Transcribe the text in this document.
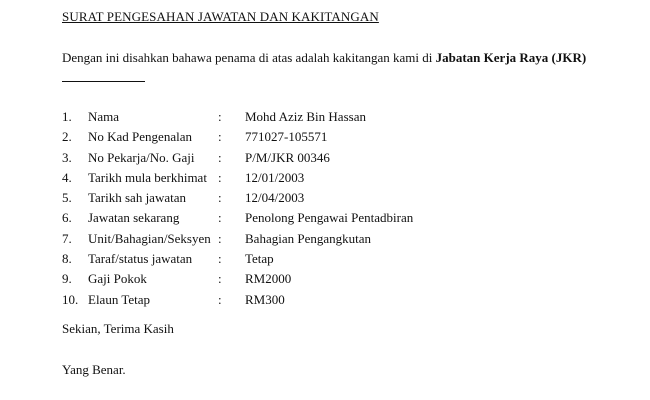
SURAT PENGESAHAN JAWATAN DAN KAKITANGAN
Dengan ini disahkan bahawa penama di atas adalah kakitangan kami di Jabatan Kerja Raya (JKR)
1. Nama	: Mohd Aziz Bin Hassan
2. No Kad Pengenalan : 771027-105571
3. No Pekarja/No. Gaji : P/M/JKR 00346
4. Tarikh mula berkhimat : 12/01/2003
5. Tarikh sah jawatan : 12/04/2003
6. Jawatan sekarang	: Penolong Pengawai Pentadbiran
7. Unit/Bahagian/Seksyen : Bahagian Pengangkutan
8. Taraf/status jawatan : Tetap
9. Gaji Pokok	: RM2000
10. Elaun Tetap	: RM300
Sekian, Terima Kasih
Yang Benar.
